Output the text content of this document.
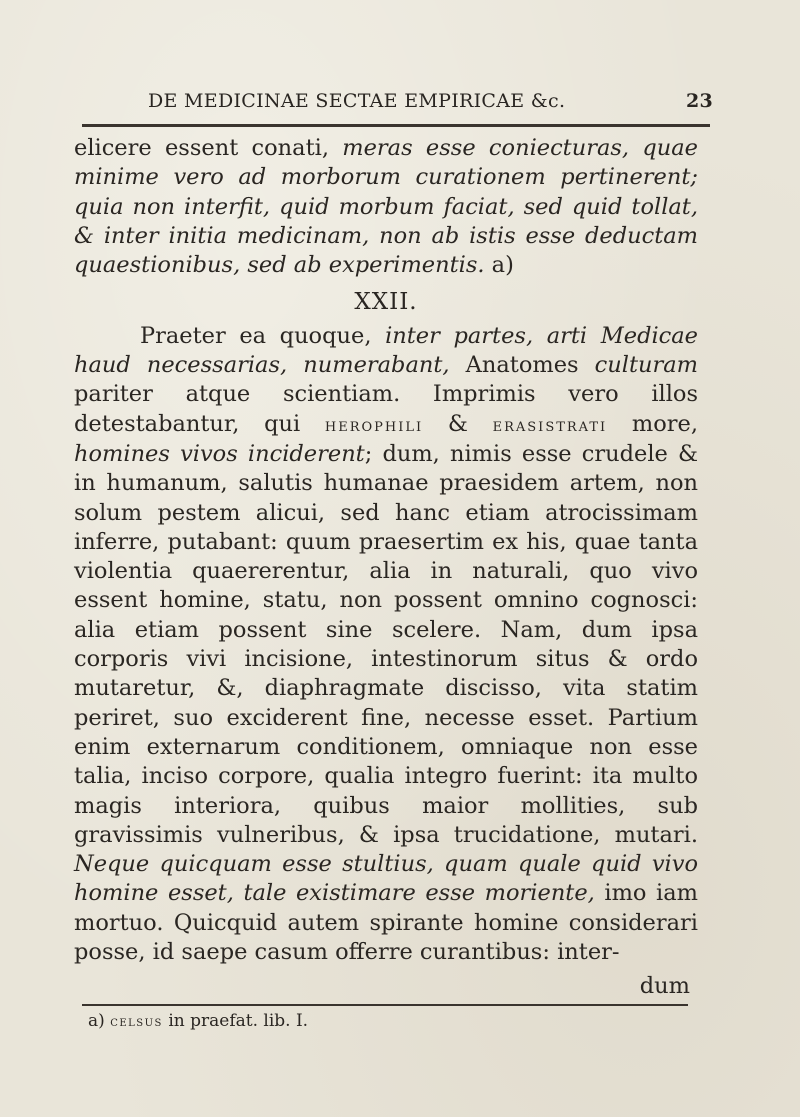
DE MEDICINAE SECTAE EMPIRICAE &c.	23

elicere essent conati, meras esse coniecturas, quae minime vero ad morborum curationem pertinerent; quia non interfit, quid morbum faciat, sed quid tollat, & inter initia medicinam, non ab istis esse deductam quaestionibus, sed ab experimentis. a)

XXII.

Praeter ea quoque, inter partes, arti Medicae haud necessarias, numerabant, Anatomes culturam pariter atque scientiam. Imprimis vero illos detestabantur, qui herophili & erasistrati more, homines vivos inciderent; dum, nimis esse crudele & in humanum, salutis humanae praesidem artem, non solum pestem alicui, sed hanc etiam atrocissimam inferre, putabant: quum praesertim ex his, quae tanta violentia quaererentur, alia in naturali, quo vivo essent homine, statu, non possent omnino cognosci: alia etiam possent sine scelere. Nam, dum ipsa corporis vivi incisione, intestinorum situs & ordo mutaretur, &, diaphragmate discisso, vita statim periret, suo exciderent fine, necesse esset. Partium enim externarum conditionem, omniaque non esse talia, inciso corpore, qualia integro fuerint: ita multo magis interiora, quibus maior mollities, sub gravissimis vulneribus, & ipsa trucidatione, mutari. Neque quicquam esse stultius, quam quale quid vivo homine esset, tale existimare esse moriente, imo iam mortuo. Quicquid autem spirante homine considerari posse, id saepe casum offerre curantibus: inter-

dum
a) celsus in praefat. lib. I.
